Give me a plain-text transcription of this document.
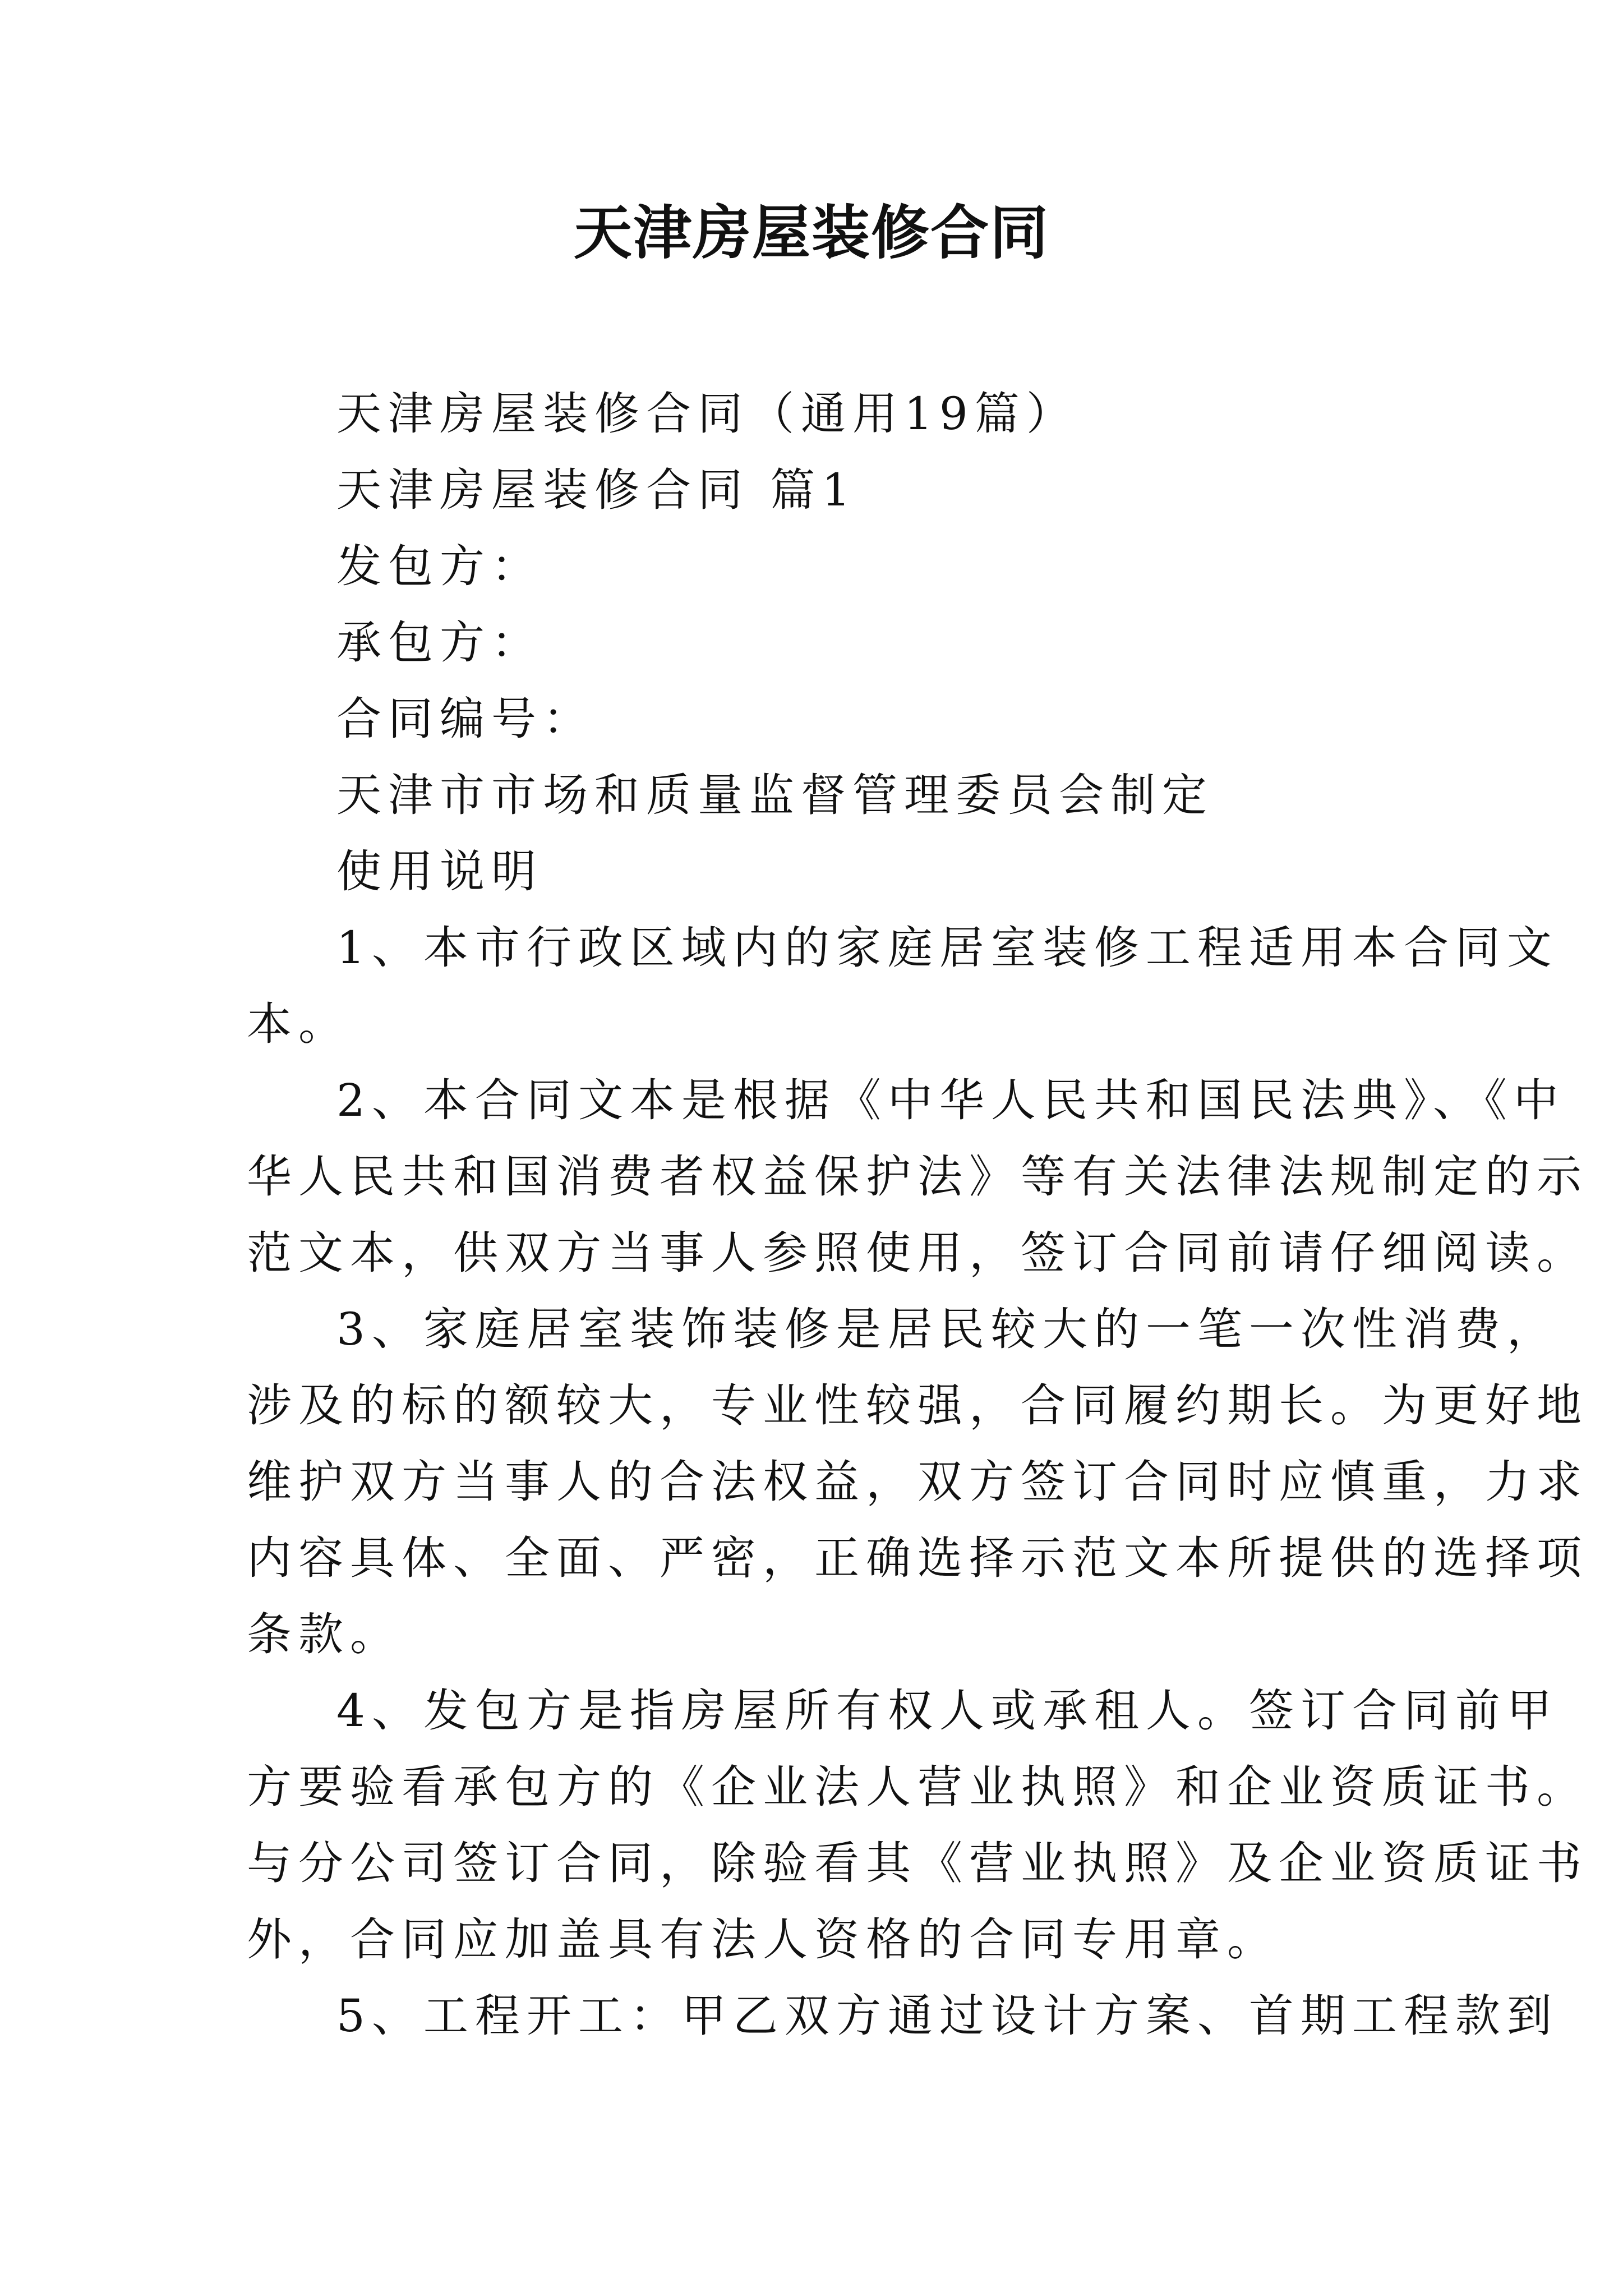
天津房屋装修合同

天津房屋装修合同（通用19篇）

天津房屋装修合同 篇1

发包方：

承包方：

合同编号：

天津市市场和质量监督管理委员会制定

使用说明

1、本市行政区域内的家庭居室装修工程适用本合同文

本。

2、本合同文本是根据《中华人民共和国民法典》、《中

华人民共和国消费者权益保护法》等有关法律法规制定的示

范文本，供双方当事人参照使用，签订合同前请仔细阅读。

3、家庭居室装饰装修是居民较大的一笔一次性消费，

涉及的标的额较大，专业性较强，合同履约期长。为更好地

维护双方当事人的合法权益，双方签订合同时应慎重，力求

内容具体、全面、严密，正确选择示范文本所提供的选择项

条款。

4、发包方是指房屋所有权人或承租人。签订合同前甲

方要验看承包方的《企业法人营业执照》和企业资质证书。

与分公司签订合同，除验看其《营业执照》及企业资质证书

外，合同应加盖具有法人资格的合同专用章。

5、工程开工：甲乙双方通过设计方案、首期工程款到
